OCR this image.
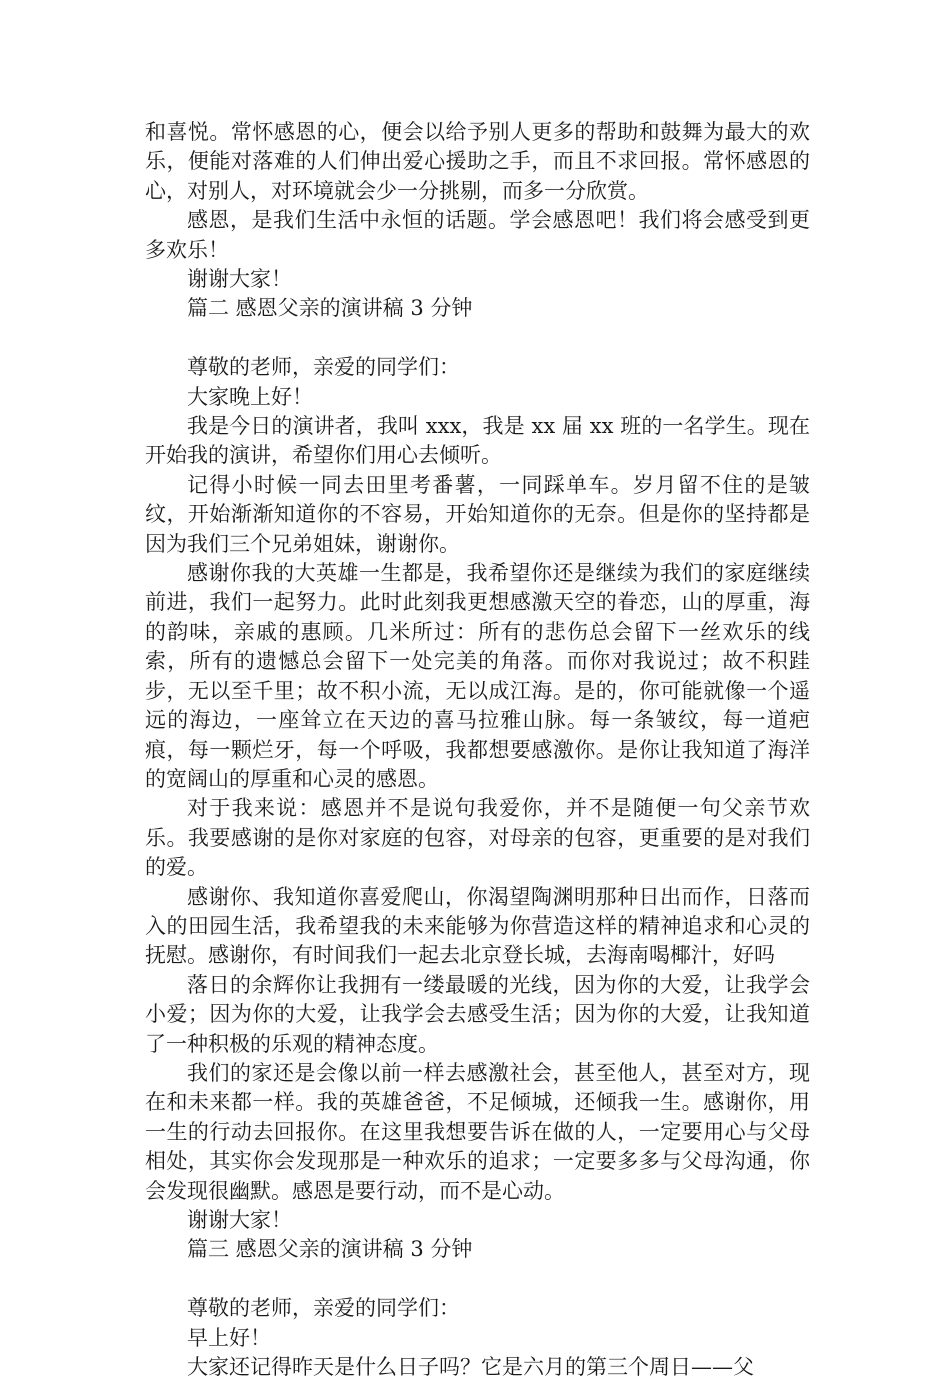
和喜悦。常怀感恩的心，便会以给予别人更多的帮助和鼓舞为最大的欢乐，便能对落难的人们伸出爱心援助之手，而且不求回报。常怀感恩的心，对别人，对环境就会少一分挑剔，而多一分欣赏。

感恩，是我们生活中永恒的话题。学会感恩吧！我们将会感受到更多欢乐！

谢谢大家！

篇二 感恩父亲的演讲稿 3 分钟

尊敬的老师，亲爱的同学们：

大家晚上好！

我是今日的演讲者，我叫 xxx，我是 xx 届 xx 班的一名学生。现在开始我的演讲，希望你们用心去倾听。

记得小时候一同去田里考番薯，一同踩单车。岁月留不住的是皱纹，开始渐渐知道你的不容易，开始知道你的无奈。但是你的坚持都是因为我们三个兄弟姐妹，谢谢你。

感谢你我的大英雄一生都是，我希望你还是继续为我们的家庭继续前进，我们一起努力。此时此刻我更想感激天空的眷恋，山的厚重，海的韵味，亲戚的惠顾。几米所过：所有的悲伤总会留下一丝欢乐的线索，所有的遗憾总会留下一处完美的角落。而你对我说过；故不积跬步，无以至千里；故不积小流，无以成江海。是的，你可能就像一个遥远的海边，一座耸立在天边的喜马拉雅山脉。每一条皱纹，每一道疤痕，每一颗烂牙，每一个呼吸，我都想要感激你。是你让我知道了海洋的宽阔山的厚重和心灵的感恩。

对于我来说：感恩并不是说句我爱你，并不是随便一句父亲节欢乐。我要感谢的是你对家庭的包容，对母亲的包容，更重要的是对我们的爱。

感谢你、我知道你喜爱爬山，你渴望陶渊明那种日出而作，日落而入的田园生活，我希望我的未来能够为你营造这样的精神追求和心灵的抚慰。感谢你，有时间我们一起去北京登长城，去海南喝椰汁，好吗

落日的余辉你让我拥有一缕最暖的光线，因为你的大爱，让我学会小爱；因为你的大爱，让我学会去感受生活；因为你的大爱，让我知道了一种积极的乐观的精神态度。

我们的家还是会像以前一样去感激社会，甚至他人，甚至对方，现在和未来都一样。我的英雄爸爸，不足倾城，还倾我一生。感谢你，用一生的行动去回报你。在这里我想要告诉在做的人，一定要用心与父母相处，其实你会发现那是一种欢乐的追求；一定要多多与父母沟通，你会发现很幽默。感恩是要行动，而不是心动。

谢谢大家！

篇三 感恩父亲的演讲稿 3 分钟

尊敬的老师，亲爱的同学们：

早上好！

大家还记得昨天是什么日子吗？它是六月的第三个周日——父
